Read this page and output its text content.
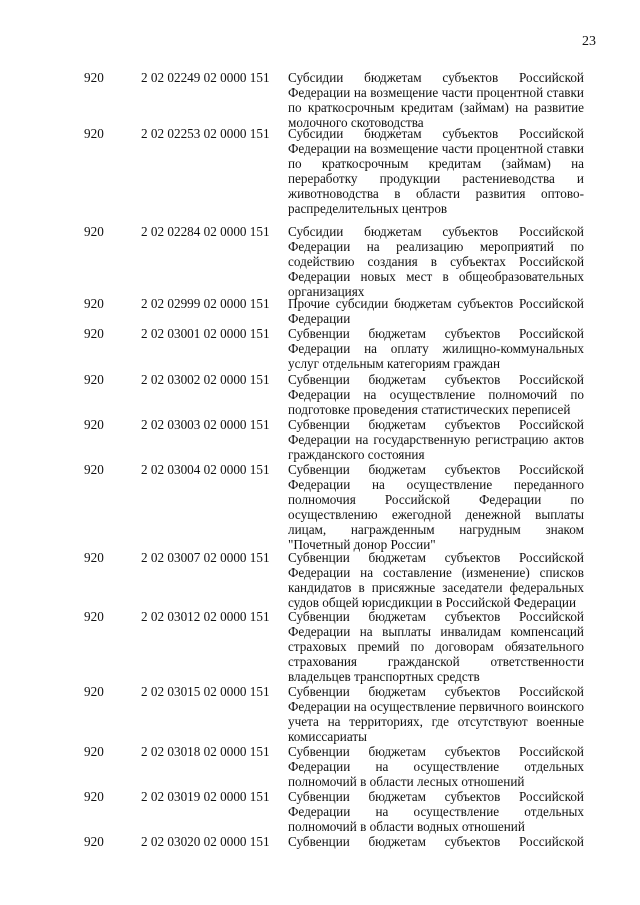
23
920	2 02 02249 02 0000 151	Субсидии бюджетам субъектов Российской Федерации на возмещение части процентной ставки по краткосрочным кредитам (займам) на развитие молочного скотоводства
920	2 02 02253 02 0000 151	Субсидии бюджетам субъектов Российской Федерации на возмещение части процентной ставки по краткосрочным кредитам (займам) на переработку продукции растениеводства и животноводства в области развития оптово-распределительных центров
920	2 02 02284 02 0000 151	Субсидии бюджетам субъектов Российской Федерации на реализацию мероприятий по содействию создания в субъектах Российской Федерации новых мест в общеобразовательных организациях
920	2 02 02999 02 0000 151	Прочие субсидии бюджетам субъектов Российской Федерации
920	2 02 03001 02 0000 151	Субвенции бюджетам субъектов Российской Федерации на оплату жилищно-коммунальных услуг отдельным категориям граждан
920	2 02 03002 02 0000 151	Субвенции бюджетам субъектов Российской Федерации на осуществление полномочий по подготовке проведения статистических переписей
920	2 02 03003 02 0000 151	Субвенции бюджетам субъектов Российской Федерации на государственную регистрацию актов гражданского состояния
920	2 02 03004 02 0000 151	Субвенции бюджетам субъектов Российской Федерации на осуществление переданного полномочия Российской Федерации по осуществлению ежегодной денежной выплаты лицам, награжденным нагрудным знаком "Почетный донор России"
920	2 02 03007 02 0000 151	Субвенции бюджетам субъектов Российской Федерации на составление (изменение) списков кандидатов в присяжные заседатели федеральных судов общей юрисдикции в Российской Федерации
920	2 02 03012 02 0000 151	Субвенции бюджетам субъектов Российской Федерации на выплаты инвалидам компенсаций страховых премий по договорам обязательного страхования гражданской ответственности владельцев транспортных средств
920	2 02 03015 02 0000 151	Субвенции бюджетам субъектов Российской Федерации на осуществление первичного воинского учета на территориях, где отсутствуют военные комиссариаты
920	2 02 03018 02 0000 151	Субвенции бюджетам субъектов Российской Федерации на осуществление отдельных полномочий в области лесных отношений
920	2 02 03019 02 0000 151	Субвенции бюджетам субъектов Российской Федерации на осуществление отдельных полномочий в области водных отношений
920	2 02 03020 02 0000 151	Субвенции бюджетам субъектов Российской
